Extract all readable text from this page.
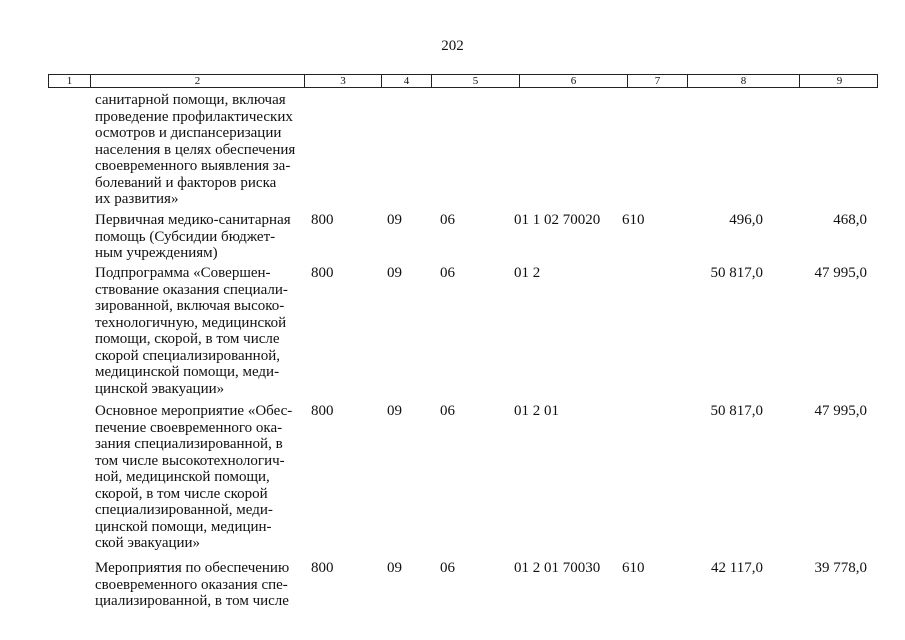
202
1	2	3	4	5	6	7	8	9
санитарной помощи, включая
проведение профилактических
осмотров и диспансеризации
населения в целях обеспечения
своевременного выявления за-
болеваний и факторов риска
их развития»
Первичная медико-санитарная
помощь (Субсидии бюджет-
ным учреждениям)
800	09	06	01 1 02 70020 610	496,0	468,0
Подпрограмма «Совершен-
ствование оказания специали-
зированной, включая высоко-
технологичную, медицинской
помощи, скорой, в том числе
скорой специализированной,
медицинской помощи, меди-
цинской эвакуации»
800	09	06	01 2	50 817,0	47 995,0
Основное мероприятие «Обес-
печение своевременного ока-
зания специализированной, в
том числе высокотехнологич-
ной, медицинской помощи,
скорой, в том числе скорой
специализированной, меди-
цинской помощи, медицин-
ской эвакуации»
800	09	06	01 2 01	50 817,0	47 995,0
Мероприятия по обеспечению
своевременного оказания спе-
циализированной, в том числе
800	09	06	01 2 01 70030 610	42 117,0	39 778,0
